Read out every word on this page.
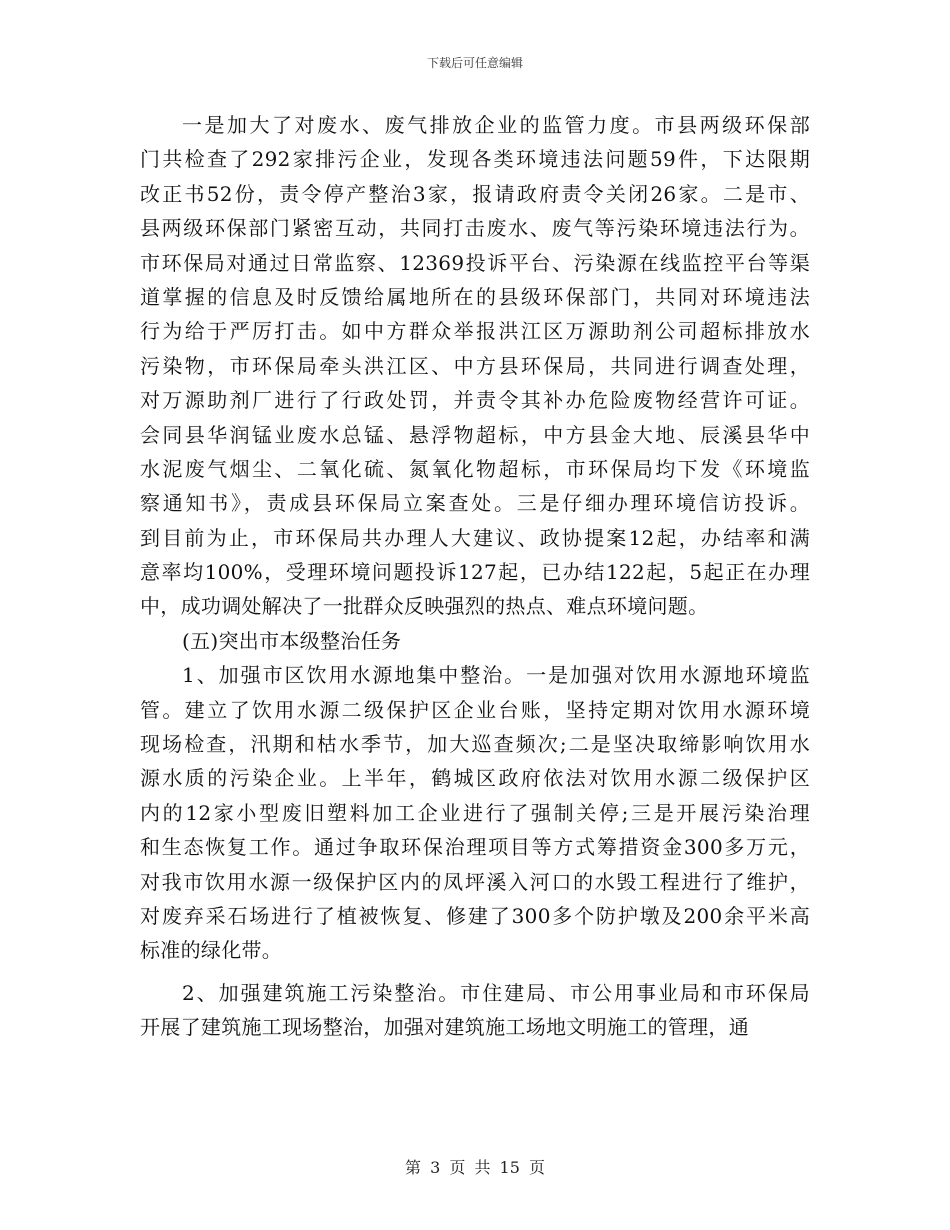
下载后可任意编辑
一是加大了对废水、废气排放企业的监管力度。市县两级环保部
门共检查了292家排污企业，发现各类环境违法问题59件，下达限期
改正书52份，责令停产整治3家，报请政府责令关闭26家。二是市、
县两级环保部门紧密互动，共同打击废水、废气等污染环境违法行为。
市环保局对通过日常监察、12369投诉平台、污染源在线监控平台等渠
道掌握的信息及时反馈给属地所在的县级环保部门，共同对环境违法
行为给于严厉打击。如中方群众举报洪江区万源助剂公司超标排放水
污染物，市环保局牵头洪江区、中方县环保局，共同进行调查处理，
对万源助剂厂进行了行政处罚，并责令其补办危险废物经营许可证。
会同县华润锰业废水总锰、悬浮物超标，中方县金大地、辰溪县华中
水泥废气烟尘、二氧化硫、氮氧化物超标，市环保局均下发《环境监
察通知书》，责成县环保局立案查处。三是仔细办理环境信访投诉。
到目前为止，市环保局共办理人大建议、政协提案12起，办结率和满
意率均100%，受理环境问题投诉127起，已办结122起，5起正在办理
中，成功调处解决了一批群众反映强烈的热点、难点环境问题。
(五)突出市本级整治任务
1、加强市区饮用水源地集中整治。一是加强对饮用水源地环境监
管。建立了饮用水源二级保护区企业台账，坚持定期对饮用水源环境
现场检查，汛期和枯水季节，加大巡查频次;二是坚决取缔影响饮用水
源水质的污染企业。上半年，鹤城区政府依法对饮用水源二级保护区
内的12家小型废旧塑料加工企业进行了强制关停;三是开展污染治理
和生态恢复工作。通过争取环保治理项目等方式筹措资金300多万元，
对我市饮用水源一级保护区内的凤坪溪入河口的水毁工程进行了维护，
对废弃采石场进行了植被恢复、修建了300多个防护墩及200余平米高
标准的绿化带。
2、加强建筑施工污染整治。市住建局、市公用事业局和市环保局
开展了建筑施工现场整治，加强对建筑施工场地文明施工的管理，通
第 3 页 共 15 页
